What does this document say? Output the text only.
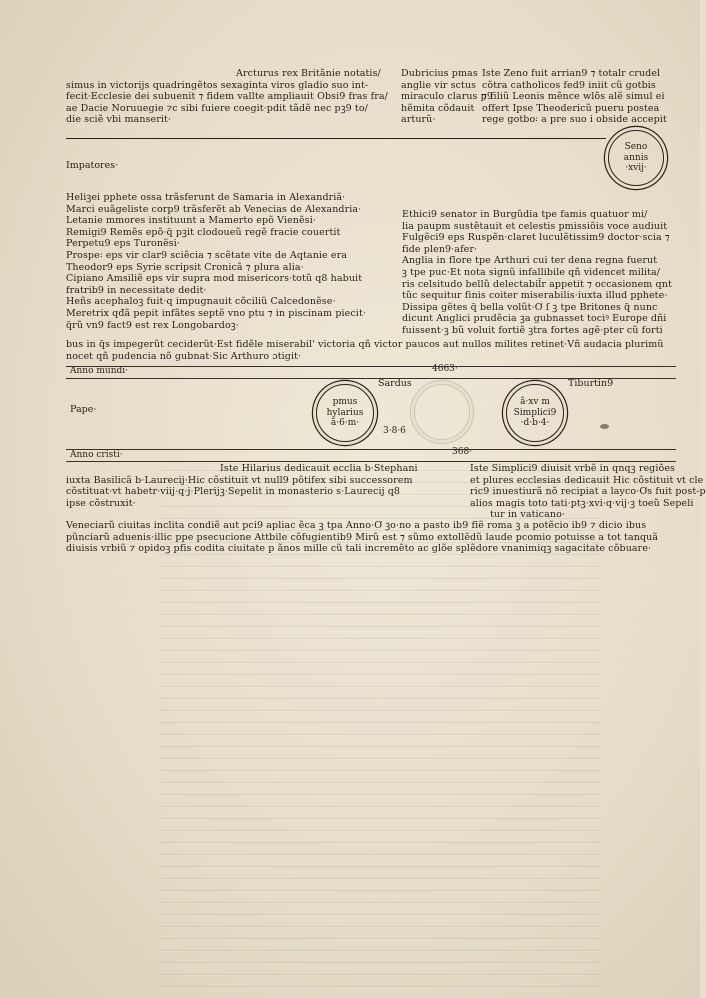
Arcturus rex Britãnie notatis/
simus in victorijs quadringẽtos sexaginta viros gladio suo int-
fecit·Ecclesie dei subuenit ⁊ fidem vallte ampliauit Obsi9 fras fra/
ae Dacie Noruuegie ⁊c sibi fuiere coegit·pdit tãdẽ nec pꝫ9 to/
die sciẽ vbi manserit·
Dubricius pmas
anglie vir sctus
miraculo clarus p9
hẽmita cõdauit
arturũ·
Iste Zeno fuit arrian9 ⁊ totalr crudel
cõtra catholicos fed9 iniit cũ gotbis
⁊ filiũ Leonis mẽnce wlõs alẽ simul ei
offert Ipse Theodericũ pueru postea
rege gotbo꞉ a pre suo i obside accepit
Impatores·
Seno
annis
·xvij·
Heliꝫei pphete ossa trãsferunt de Samaria in Alexandriã·
Marci euãgeliste corp9 trãsferẽt ab Venecias de Alexandria·
Letanie mmores instituunt a Mamerto epõ Vienẽsi·
Remigi9 Remẽs epõ·q̃ pꝫit clodoueũ regẽ fracie couertit
Perpetu9 eps Turonẽsi·
Prospe꞉ eps vir clar9 sciẽcia ⁊ scẽtate vite de Aqtanie era
Theodor9 eps Syrie scripsit Cronicã ⁊ plura alia·
Cipiano Amsiliẽ eps vir supra mod misericors·totũ q8 habuit
fratrib9 in necessitate dedit·
Heñs acephaloꝫ fuit·q impugnauit cõciliũ Calcedonẽse·
Meretrix qđã pepit infãtes septẽ vno ptu ⁊ in piscinam piecit·
q̃rũ vn9 fact9 est rex Longobardoꝫ·
Ethici9 senator in Burgũdia tpe famis quatuor mi/
lia paupm sustẽtauit et celestis pmissiõis voce audiuit
Fulgẽci9 eps Ruspẽn·claret luculẽtissim9 doctor·scia ⁊
fide plen9·afer·
Anglia in flore tpe Arthuri cui ter dena regna fuerut
ꝫ tpe puc·Et nota signũ infallibile qñ videncet milita/
ris celsitudo bellũ delectabil̃r appetit ⁊ occasionem qnt
tũc sequitur finis coiter miserabilis·iuxta illud pphete·
Dissipa gẽtes q̃ bella volũt·Ơ ſ ꝫ tpe Britones q̃ nunc
dicunt Anglici prudẽcia ꝫa gubnasset tociꝰ Europe dñi
fuissent·ꝫ bũ voluit fortiẽ ꝫtra fortes agẽ·pter cũ forti
bus in q̃s impegerũt ceciderũt·Est fidẽle miserabil' victoria qñ victor paucos aut nullos milites retinet·Vñ audacia plurimũ
nocet qñ pudencia nõ gubnat·Sic Arthuro ɔtigit·
Anno mundi·	4663·
Sardus	Tiburtin9
Pape·
pmus
hylarius
ã·6·m·
ã·xv m
Simplici9
·d·b·4·
3·8·6
Anno cristi·	368·
Iste Hilarius dedicauit ecclia b·Stephani
iuxta Basilicã b·Laurecij·Hic cõstituit vt null9 põtifex sibi successorem
cõstituat·vt habetr·viij·q·j·Plerijꝫ·Sepelit in monasterio s·Laurecij q8
ipse cõstruxit·
Iste Simplici9 diuisit vrbẽ in qnqꝫ regiões
et plures ecclesias dedicauit Hic cõstituit vt cle
ric9 inuestiurã nõ recipiat a layco·Ơs fuit post-p
alios magis toto tati·ptꝫ·xvi·q·vij·ꝫ toeũ Sepeli
tur in vaticano·
Veneciarũ ciuitas inclita condiẽ aut pci9 apliac ẽca ꝫ tpa Anno·Ơ ꝫo·no a pasto ib9 fiẽ roma ꝫ a potẽcio ib9 ⁊ dicio ibus
pũnciarũ aduenis·illic ppe psecucione Attbile cõfugientib9 Mirũ est ⁊ sũmo extollẽdũ laude pcomio potuisse a tot tanquã
diuisis vrbiũ ⁊ opidoꝫ pfis codita ciuitate p ãnos mille cũ tali incremẽto ac glõe splẽdore vnanimiqꝫ sagacitate cõbuare·
